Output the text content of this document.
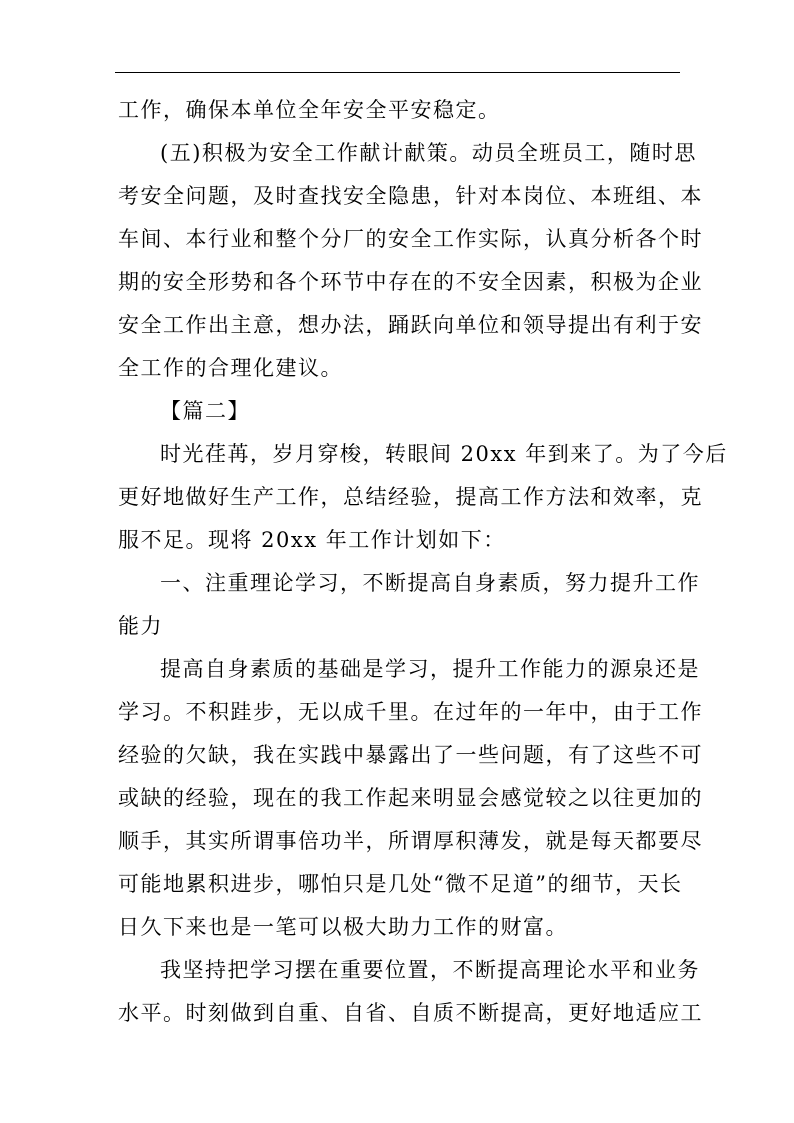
工作，确保本单位全年安全平安稳定。
(五)积极为安全工作献计献策。动员全班员工，随时思
考安全问题，及时查找安全隐患，针对本岗位、本班组、本
车间、本行业和整个分厂的安全工作实际，认真分析各个时
期的安全形势和各个环节中存在的不安全因素，积极为企业
安全工作出主意，想办法，踊跃向单位和领导提出有利于安
全工作的合理化建议。
【篇二】
时光荏苒，岁月穿梭，转眼间 20xx 年到来了。为了今后
更好地做好生产工作，总结经验，提高工作方法和效率，克
服不足。现将 20xx 年工作计划如下：
一、注重理论学习，不断提高自身素质，努力提升工作
能力
提高自身素质的基础是学习，提升工作能力的源泉还是
学习。不积跬步，无以成千里。在过年的一年中，由于工作
经验的欠缺，我在实践中暴露出了一些问题，有了这些不可
或缺的经验，现在的我工作起来明显会感觉较之以往更加的
顺手，其实所谓事倍功半，所谓厚积薄发，就是每天都要尽
可能地累积进步，哪怕只是几处“微不足道”的细节，天长
日久下来也是一笔可以极大助力工作的财富。
我坚持把学习摆在重要位置，不断提高理论水平和业务
水平。时刻做到自重、自省、自质不断提高，更好地适应工
